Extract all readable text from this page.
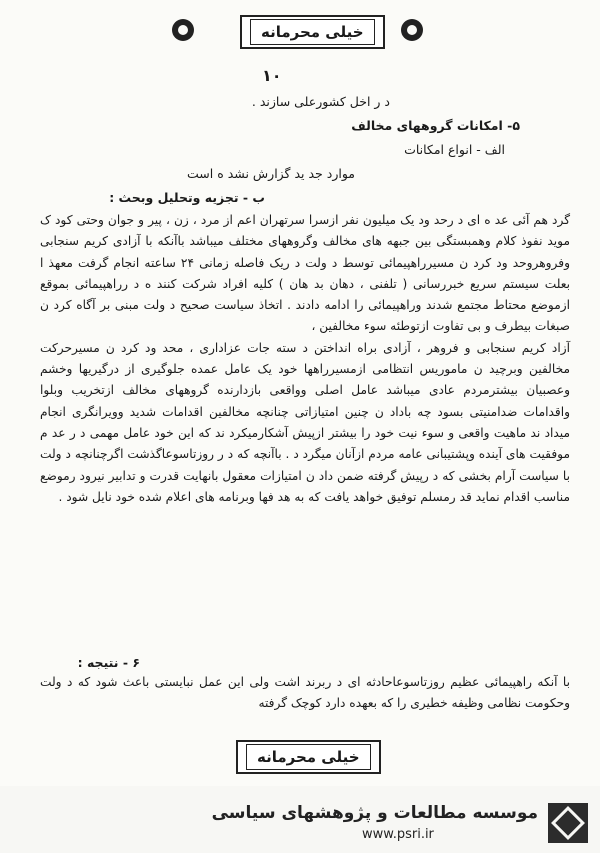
خیلی محرمانه
۱۰
د ر اخل کشورعلی سازند .
۵- امکانات گروههای مخالف
الف - انواع امکانات
موارد جد ید گزارش نشد ه است
ب - تجزیه وتحلیل وبحث :

گرد هم آئی عد ه ای د رحد ود یک میلیون نفر ازسرا سرتهران اعم از مرد ، زن ، پیر و جوان وحتی کود ک موید نفوذ کلام وهمبستگی بین جبهه های مخالف وگروههای مختلف میباشد باآنکه با آزادی کریم سنجابی وفروهروحد ود کرد ن مسیرراهپیمائی توسط د ولت د ریک فاصله زمانی ۲۴ ساعته انجام گرفت معهذ ا بعلت سیستم سریع خبررسانی ( تلفنی ، دهان بد هان ) کلیه افراد شرکت کنند ه د رراهپیمائی بموقع ازموضع محتاط مجتمع شدند وراهپیمائی را ادامه دادند . اتخاذ سیاست صحیح د ولت مبنی بر آگاه کرد ن صبغات بیطرف و بی تفاوت ازتوطئه سوء مخالفین ،

آزاد کریم سنجابی و فروهر ، آزادی براه انداختن د سته جات عزاداری ، محد ود کرد ن مسیرحرکت مخالفین وبرچید ن ماموریس انتظامی ازمسیرراهها خود یک عامل عمده جلوگیری از درگیریها وخشم وعصبیان بیشترمردم عادی میباشد عامل اصلی وواقعی بازدارنده گروههای مخالف ازتخریب وبلوا واقدامات ضدامنیتی بسود چه باداد ن چنین امتیازاتی چنانچه مخالفین اقدامات شدید وویرانگری انجام میداد ند ماهیت واقعی و سوء نیت خود را بیشتر ازپیش آشکارمیکرد ند که این خود عامل مهمی د ر عد م موفقیت های آینده وپشتیبانی عامه مردم ازآنان میگرد د . باآنچه که د ر روزتاسوعاگذشت اگرچنانچه د ولت با سیاست آرام بخشی که د رپیش گرفته ضمن داد ن امتیازات معقول بانهایت قدرت و تدابیر نیرود رموضع مناسب اقدام نماید قد رمسلم توفیق خواهد یافت که به هد فها وبرنامه های اعلام شده خود نایل شود .

۶ - نتیجه :
با آنکه راهپیمائی عظیم روزتاسوعاحادثه ای د ربرند اشت ولی این عمل نبایستی باعث شود که د ولت وحکومت نظامی وظیفه خطیری را که بعهده دارد کوچک گرفته
خیلی محرمانه
موسسه مطالعات و پژوهشهای سیاسی
www.psri.ir
